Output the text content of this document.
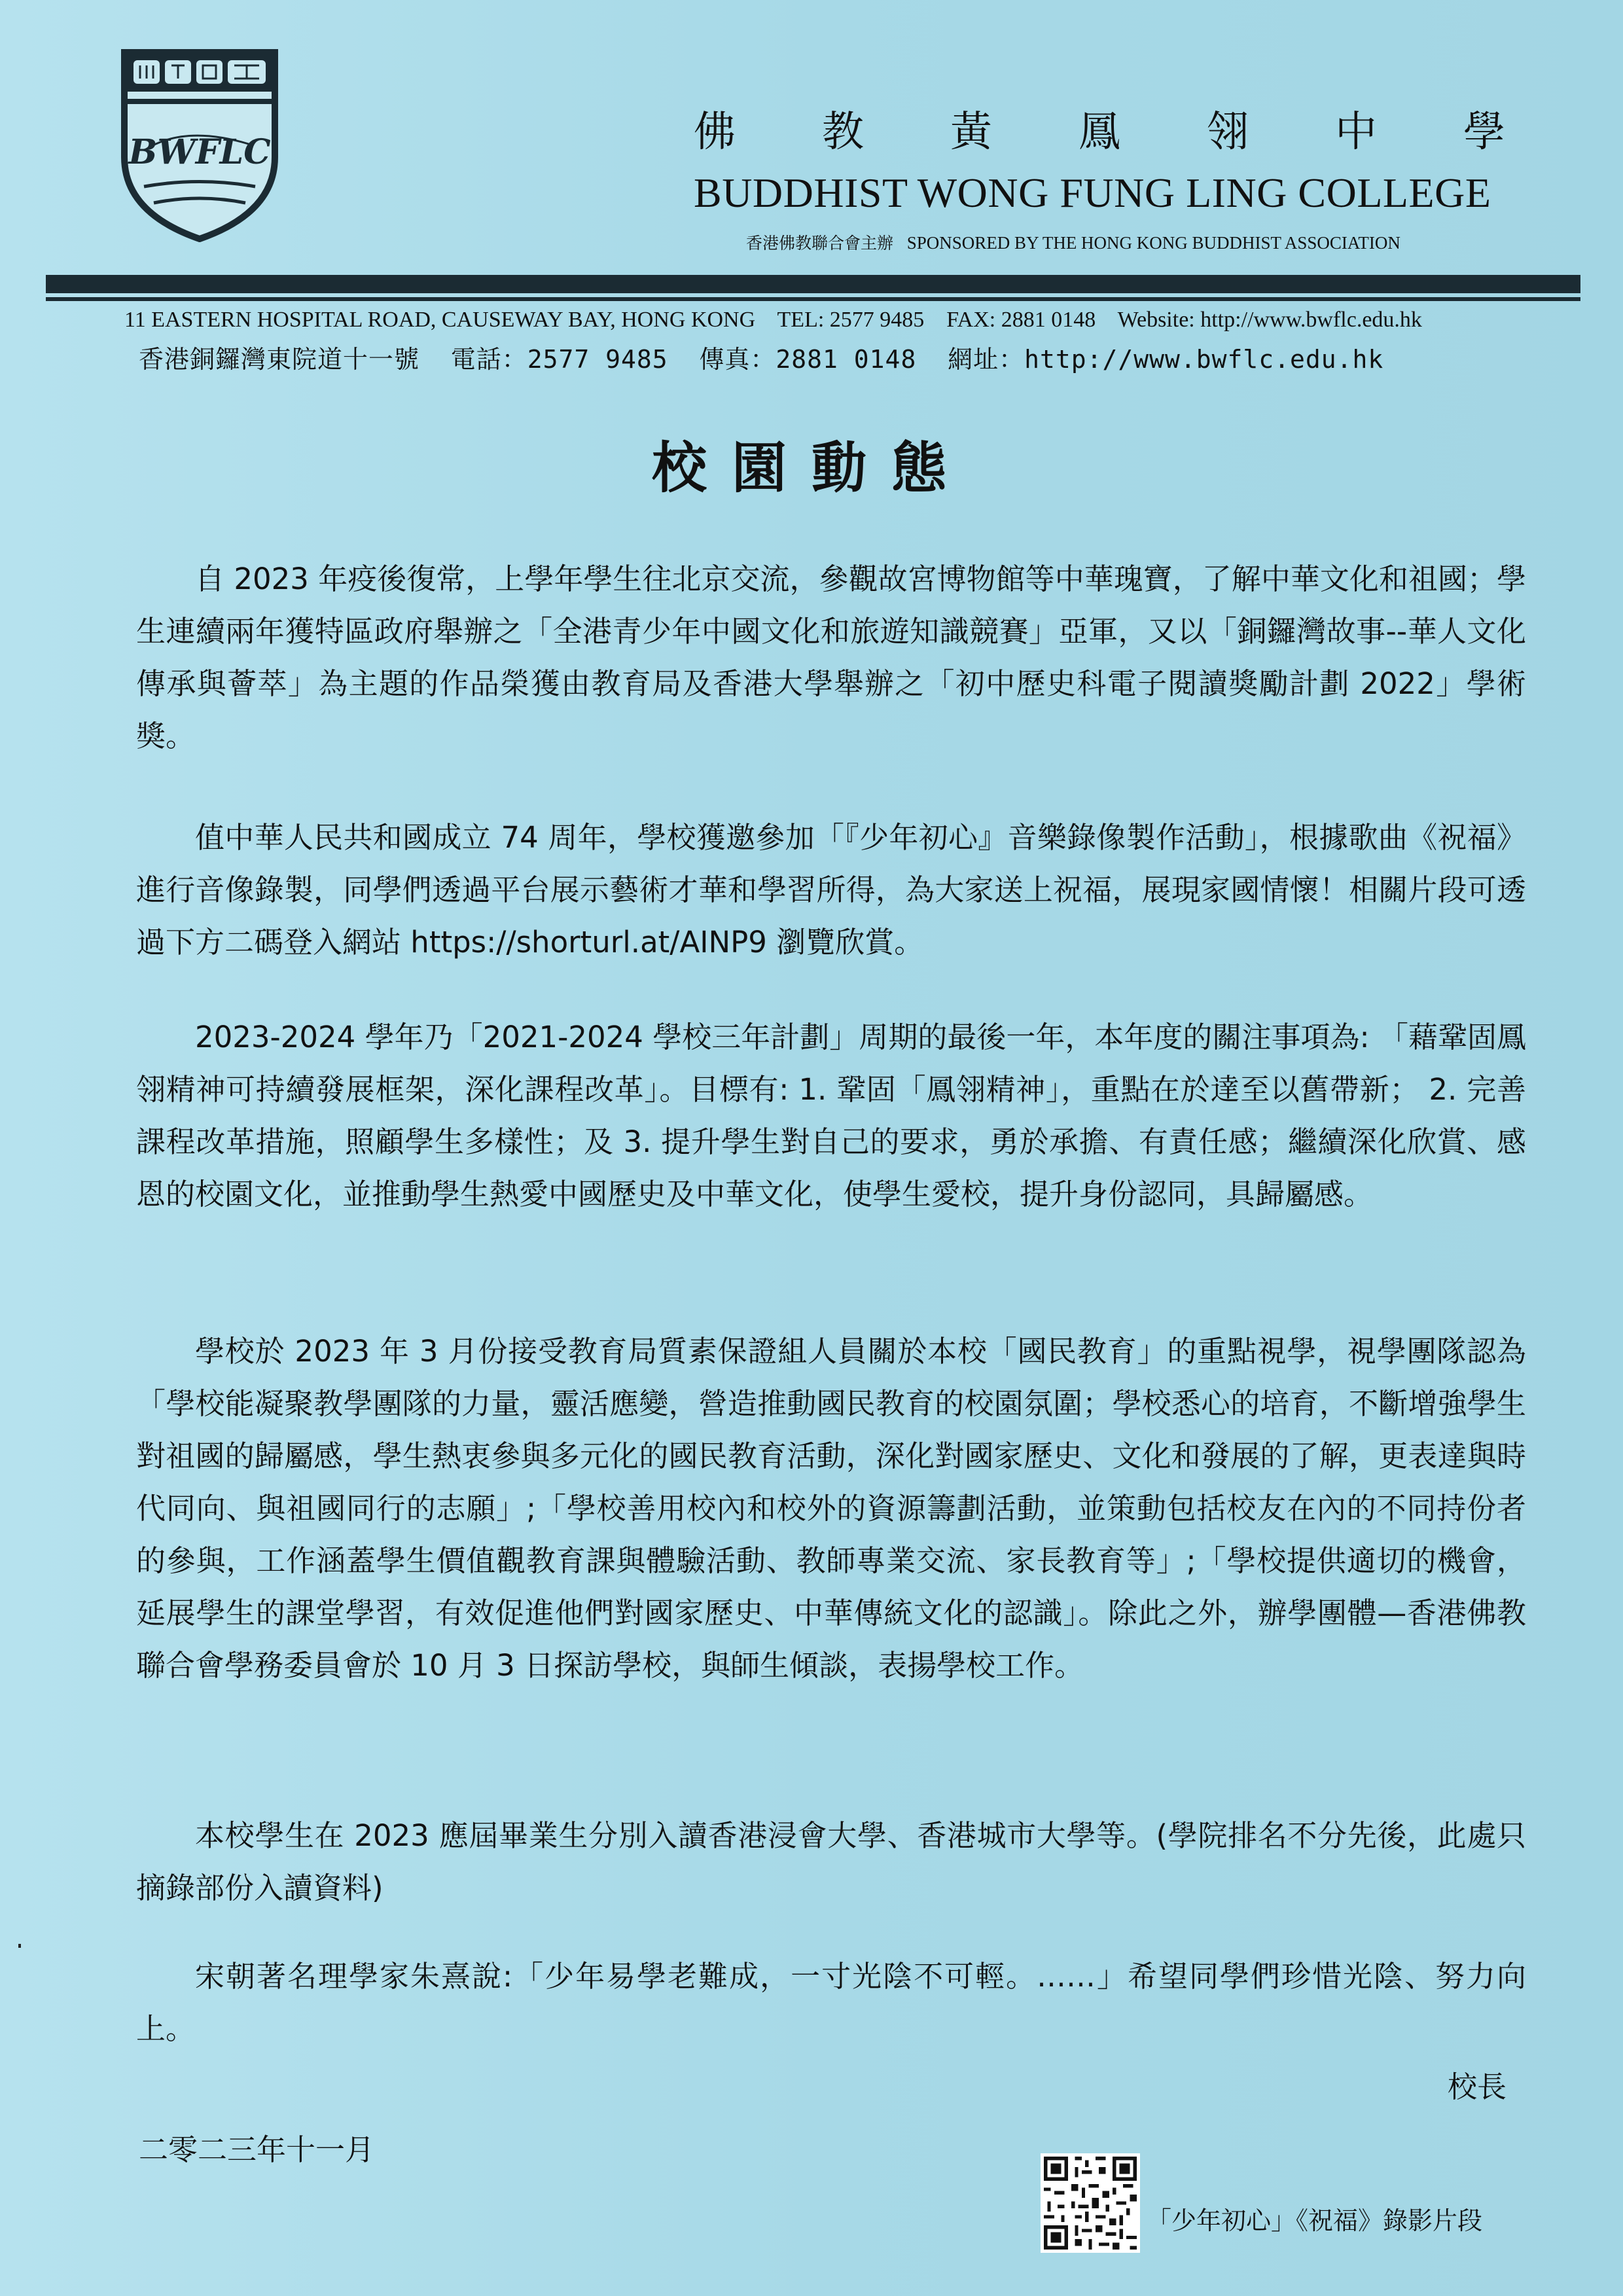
BWFLC	佛 教 黃 鳳 翎 中 學
BUDDHIST WONG FUNG LING COLLEGE
香港佛教聯合會主辦 SPONSORED BY THE HONG KONG BUDDHIST ASSOCIATION
11 EASTERN HOSPITAL ROAD, CAUSEWAY BAY, HONG KONG    TEL: 2577 9485    FAX: 2881 0148    Website: http://www.bwflc.edu.hk
香港銅鑼灣東院道十一號  電話：2577 9485  傳真：2881 0148  網址：http://www.bwflc.edu.hk
校園動態

自 2023 年疫後復常，上學年學生往北京交流，參觀故宮博物館等中華瑰寶，了解中華文化和祖國；學生連續兩年獲特區政府舉辦之「全港青少年中國文化和旅遊知識競賽」亞軍，又以「銅鑼灣故事--華人文化傳承與薈萃」為主題的作品榮獲由教育局及香港大學舉辦之「初中歷史科電子閱讀獎勵計劃 2022」學術獎。

值中華人民共和國成立 74 周年，學校獲邀參加「『少年初心』音樂錄像製作活動」，根據歌曲《祝福》進行音像錄製，同學們透過平台展示藝術才華和學習所得，為大家送上祝福，展現家國情懷！相關片段可透過下方二碼登入網站 https://shorturl.at/AINP9 瀏覽欣賞。

2023-2024 學年乃「2021-2024 學校三年計劃」周期的最後一年，本年度的關注事項為: 「藉鞏固鳳翎精神可持續發展框架，深化課程改革」。目標有: 1. 鞏固「鳳翎精神」，重點在於達至以舊帶新； 2. 完善課程改革措施，照顧學生多樣性；及 3. 提升學生對自己的要求，勇於承擔、有責任感；繼續深化欣賞、感恩的校園文化，並推動學生熱愛中國歷史及中華文化，使學生愛校，提升身份認同，具歸屬感。

學校於 2023 年 3 月份接受教育局質素保證組人員關於本校「國民教育」的重點視學，視學團隊認為「學校能凝聚教學團隊的力量，靈活應變，營造推動國民教育的校園氛圍；學校悉心的培育，不斷增強學生對祖國的歸屬感，學生熱衷參與多元化的國民教育活動，深化對國家歷史、文化和發展的了解，更表達與時代同向、與祖國同行的志願」;「學校善用校內和校外的資源籌劃活動，並策動包括校友在內的不同持份者的參與，工作涵蓋學生價值觀教育課與體驗活動、教師專業交流、家長教育等」;「學校提供適切的機會，延展學生的課堂學習，有效促進他們對國家歷史、中華傳統文化的認識」。除此之外，辦學團體—香港佛教聯合會學務委員會於 10 月 3 日探訪學校，與師生傾談，表揚學校工作。

本校學生在 2023 應屆畢業生分別入讀香港浸會大學、香港城市大學等。(學院排名不分先後，此處只摘錄部份入讀資料)

宋朝著名理學家朱熹說:「少年易學老難成，一寸光陰不可輕。……」希望同學們珍惜光陰、努力向上。

校長
二零二三年十一月
「少年初心」《祝福》錄影片段
